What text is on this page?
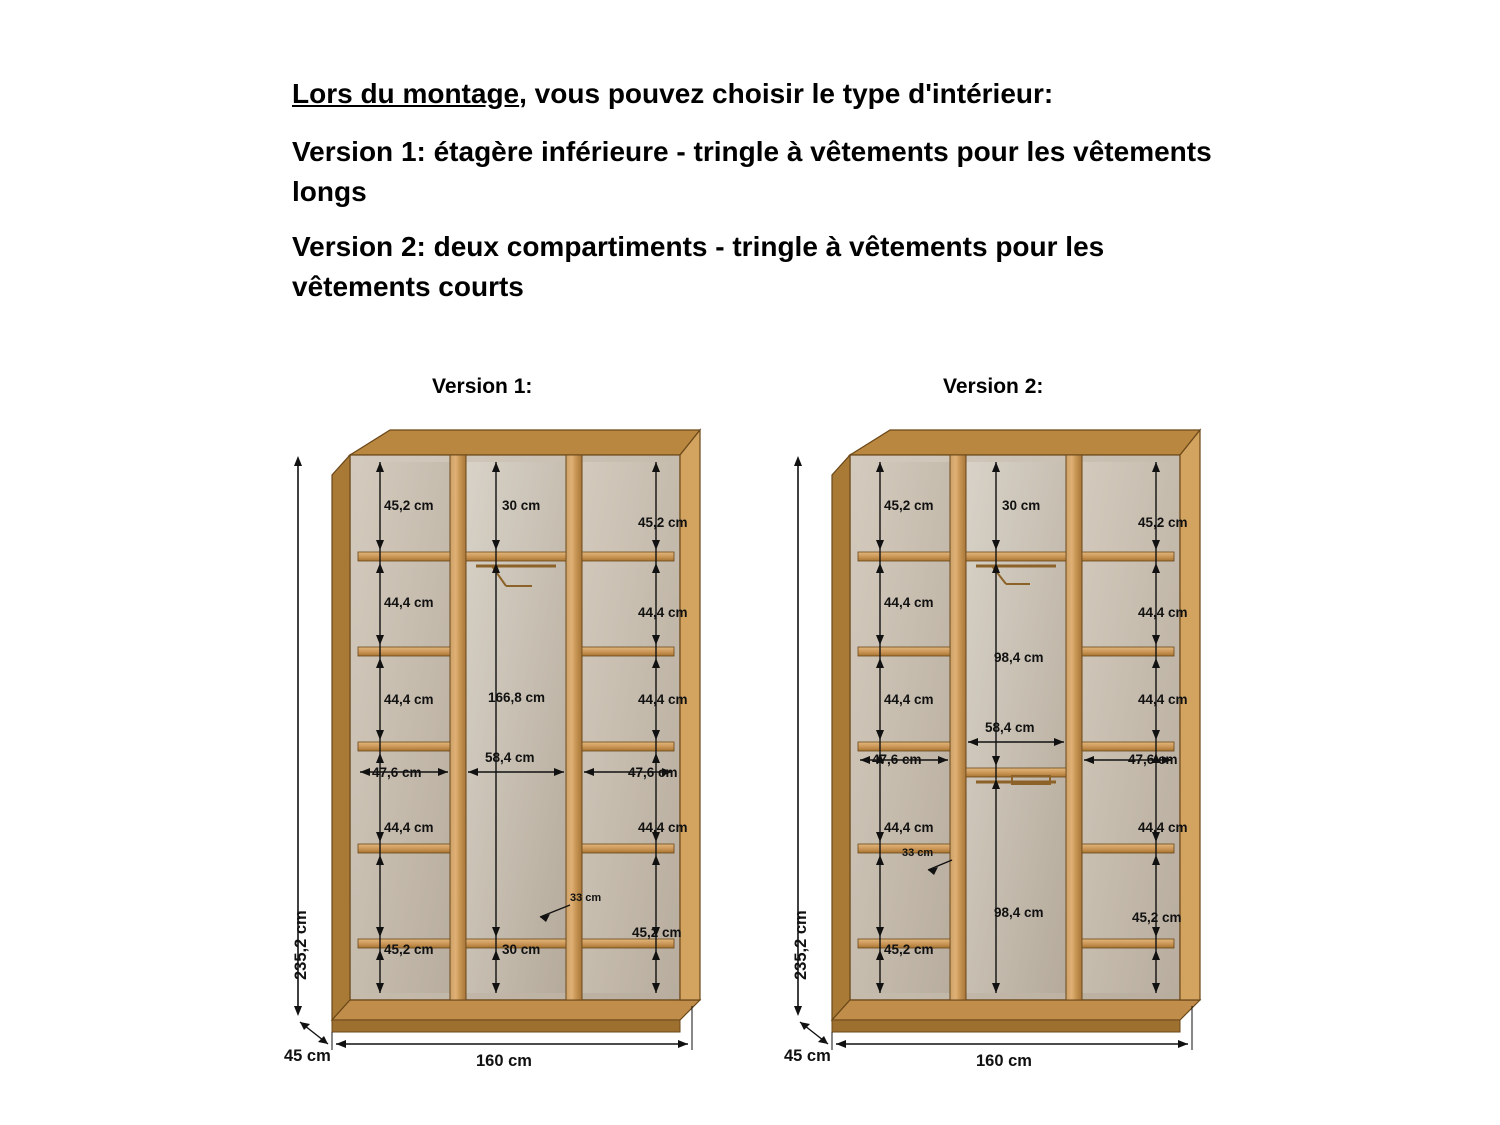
Lors du montage, vous pouvez choisir le type d'intérieur:

Version 1: étagère inférieure - tringle à vêtements pour les vêtements longs

Version 2: deux compartiments - tringle à vêtements pour les vêtements courts

Version 1:	Version 2:
235,2 cm
45,2 cm
44,4 cm
44,4 cm
47,6 cm
44,4 cm
45,2 cm
30 cm
166,8 cm
58,4 cm
33 cm
30 cm
45,2 cm
44,4 cm
44,4 cm
47,6 cm
44,4 cm
45,2 cm
45 cm	160 cm
235,2 cm
45,2 cm
44,4 cm
44,4 cm
47,6 cm
44,4 cm
45,2 cm
30 cm
98,4 cm
58,4 cm
33 cm
98,4 cm
45,2 cm
44,4 cm
44,4 cm
47,6 cm
44,4 cm
45,2 cm
45 cm	160 cm
